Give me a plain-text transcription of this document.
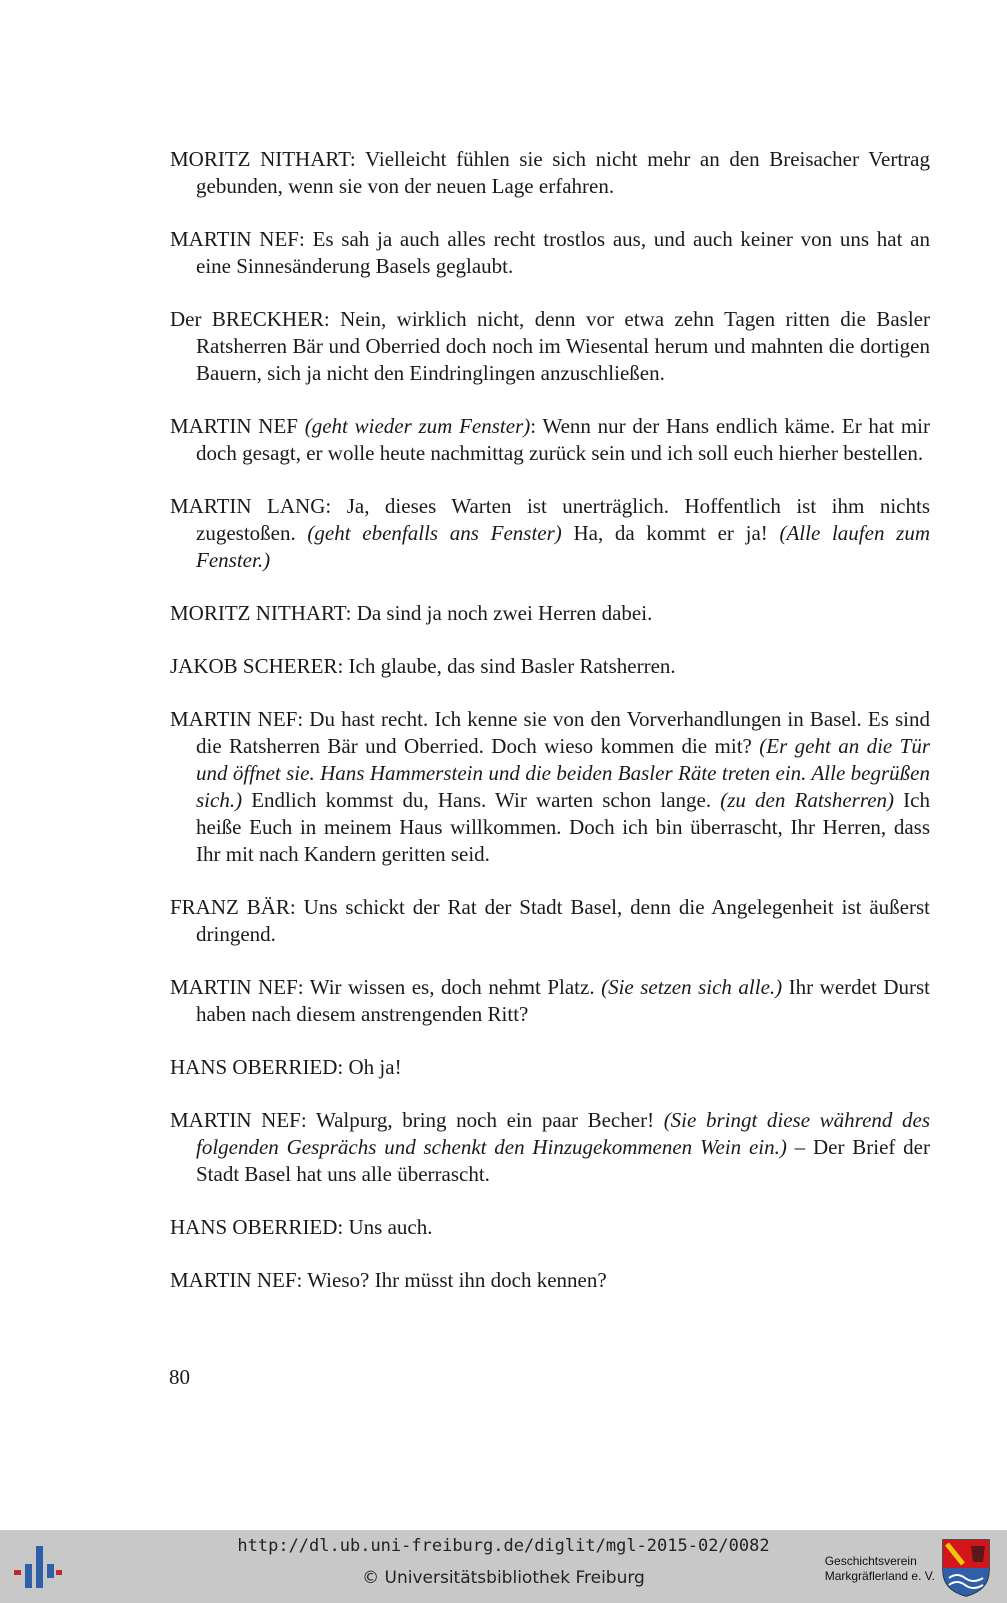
MORITZ NITHART: Vielleicht fühlen sie sich nicht mehr an den Breisacher Vertrag gebunden, wenn sie von der neuen Lage erfahren.

MARTIN NEF: Es sah ja auch alles recht trostlos aus, und auch keiner von uns hat an eine Sinnesänderung Basels geglaubt.

Der BRECKHER: Nein, wirklich nicht, denn vor etwa zehn Tagen ritten die Basler Ratsherren Bär und Oberried doch noch im Wiesental herum und mahnten die dortigen Bauern, sich ja nicht den Eindringlingen anzuschließen.

MARTIN NEF (geht wieder zum Fenster): Wenn nur der Hans endlich käme. Er hat mir doch gesagt, er wolle heute nachmittag zurück sein und ich soll euch hierher bestellen.

MARTIN LANG: Ja, dieses Warten ist unerträglich. Hoffentlich ist ihm nichts zugestoßen. (geht ebenfalls ans Fenster) Ha, da kommt er ja! (Alle laufen zum Fenster.)

MORITZ NITHART: Da sind ja noch zwei Herren dabei.

JAKOB SCHERER: Ich glaube, das sind Basler Ratsherren.

MARTIN NEF: Du hast recht. Ich kenne sie von den Vorverhandlungen in Basel. Es sind die Ratsherren Bär und Oberried. Doch wieso kommen die mit? (Er geht an die Tür und öffnet sie. Hans Hammerstein und die beiden Basler Räte treten ein. Alle begrüßen sich.) Endlich kommst du, Hans. Wir warten schon lange. (zu den Ratsherren) Ich heiße Euch in meinem Haus willkommen. Doch ich bin überrascht, Ihr Herren, dass Ihr mit nach Kandern geritten seid.

FRANZ BÄR: Uns schickt der Rat der Stadt Basel, denn die Angelegenheit ist äußerst dringend.

MARTIN NEF: Wir wissen es, doch nehmt Platz. (Sie setzen sich alle.) Ihr werdet Durst haben nach diesem anstrengenden Ritt?

HANS OBERRIED: Oh ja!

MARTIN NEF: Walpurg, bring noch ein paar Becher! (Sie bringt diese während des folgenden Gesprächs und schenkt den Hinzugekommenen Wein ein.) – Der Brief der Stadt Basel hat uns alle überrascht.

HANS OBERRIED: Uns auch.

MARTIN NEF: Wieso? Ihr müsst ihn doch kennen?

80
http://dl.ub.uni-freiburg.de/diglit/mgl-2015-02/0082
© Universitätsbibliothek Freiburg
Geschichtsverein
Markgräflerland e. V.
